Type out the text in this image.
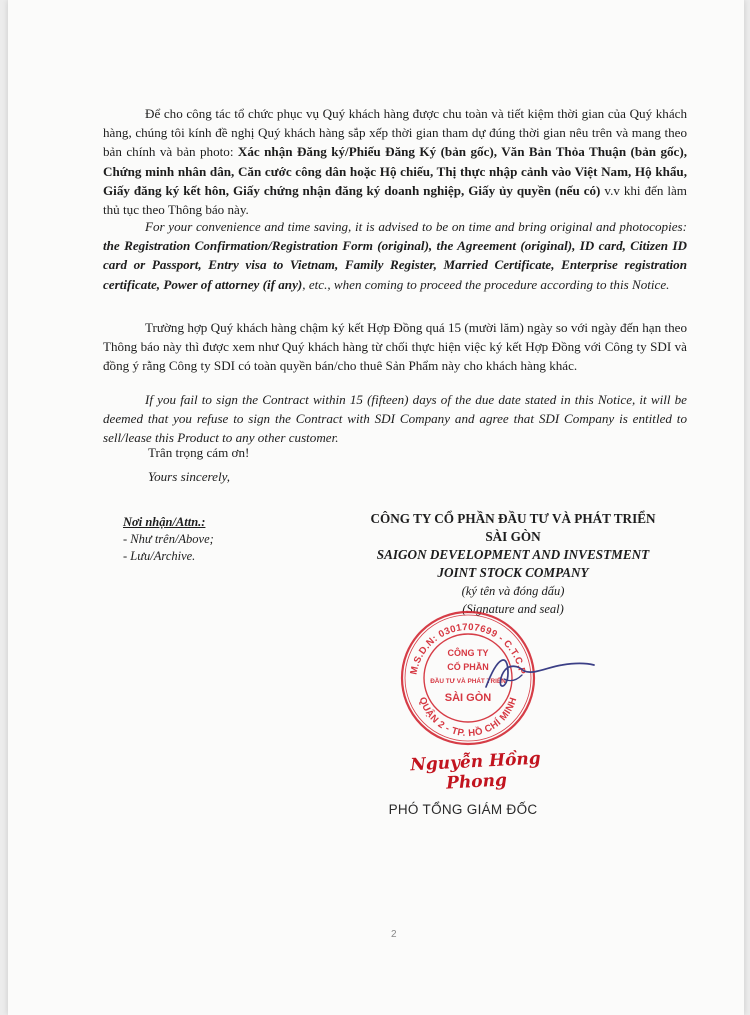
Để cho công tác tổ chức phục vụ Quý khách hàng được chu toàn và tiết kiệm thời gian của Quý khách hàng, chúng tôi kính đề nghị Quý khách hàng sắp xếp thời gian tham dự đúng thời gian nêu trên và mang theo bản chính và bản photo: Xác nhận Đăng ký/Phiếu Đăng Ký (bản gốc), Văn Bản Thỏa Thuận (bản gốc), Chứng minh nhân dân, Căn cước công dân hoặc Hộ chiếu, Thị thực nhập cảnh vào Việt Nam, Hộ khẩu, Giấy đăng ký kết hôn, Giấy chứng nhận đăng ký doanh nghiệp, Giấy ủy quyền (nếu có) v.v khi đến làm thủ tục theo Thông báo này.

For your convenience and time saving, it is advised to be on time and bring original and photocopies: the Registration Confirmation/Registration Form (original), the Agreement (original), ID card, Citizen ID card or Passport, Entry visa to Vietnam, Family Register, Married Certificate, Enterprise registration certificate, Power of attorney (if any), etc., when coming to proceed the procedure according to this Notice.

Trường hợp Quý khách hàng chậm ký kết Hợp Đồng quá 15 (mười lăm) ngày so với ngày đến hạn theo Thông báo này thì được xem như Quý khách hàng từ chối thực hiện việc ký kết Hợp Đồng với Công ty SDI và đồng ý rằng Công ty SDI có toàn quyền bán/cho thuê Sản Phẩm này cho khách hàng khác.

If you fail to sign the Contract within 15 (fifteen) days of the due date stated in this Notice, it will be deemed that you refuse to sign the Contract with SDI Company and agree that SDI Company is entitled to sell/lease this Product to any other customer.

Trân trọng cám ơn!

Yours sincerely,

Nơi nhận/Attn.:
- Như trên/Above;
- Lưu/Archive.
CÔNG TY CỔ PHẦN ĐẦU TƯ VÀ PHÁT TRIỂN
SÀI GÒN
SAIGON DEVELOPMENT AND INVESTMENT
JOINT STOCK COMPANY
(ký tên và đóng dấu)
(Signature and seal)
M.S.D.N: 0301707699 - C.T.C.P
QUẬN 2 - TP. HỒ CHÍ MINH
CÔNG TY
CỔ PHẦN
ĐẦU TƯ VÀ PHÁT TRIỂN
SÀI GÒN
Nguyễn Hồng Phong
PHÓ TỔNG GIÁM ĐỐC
2
